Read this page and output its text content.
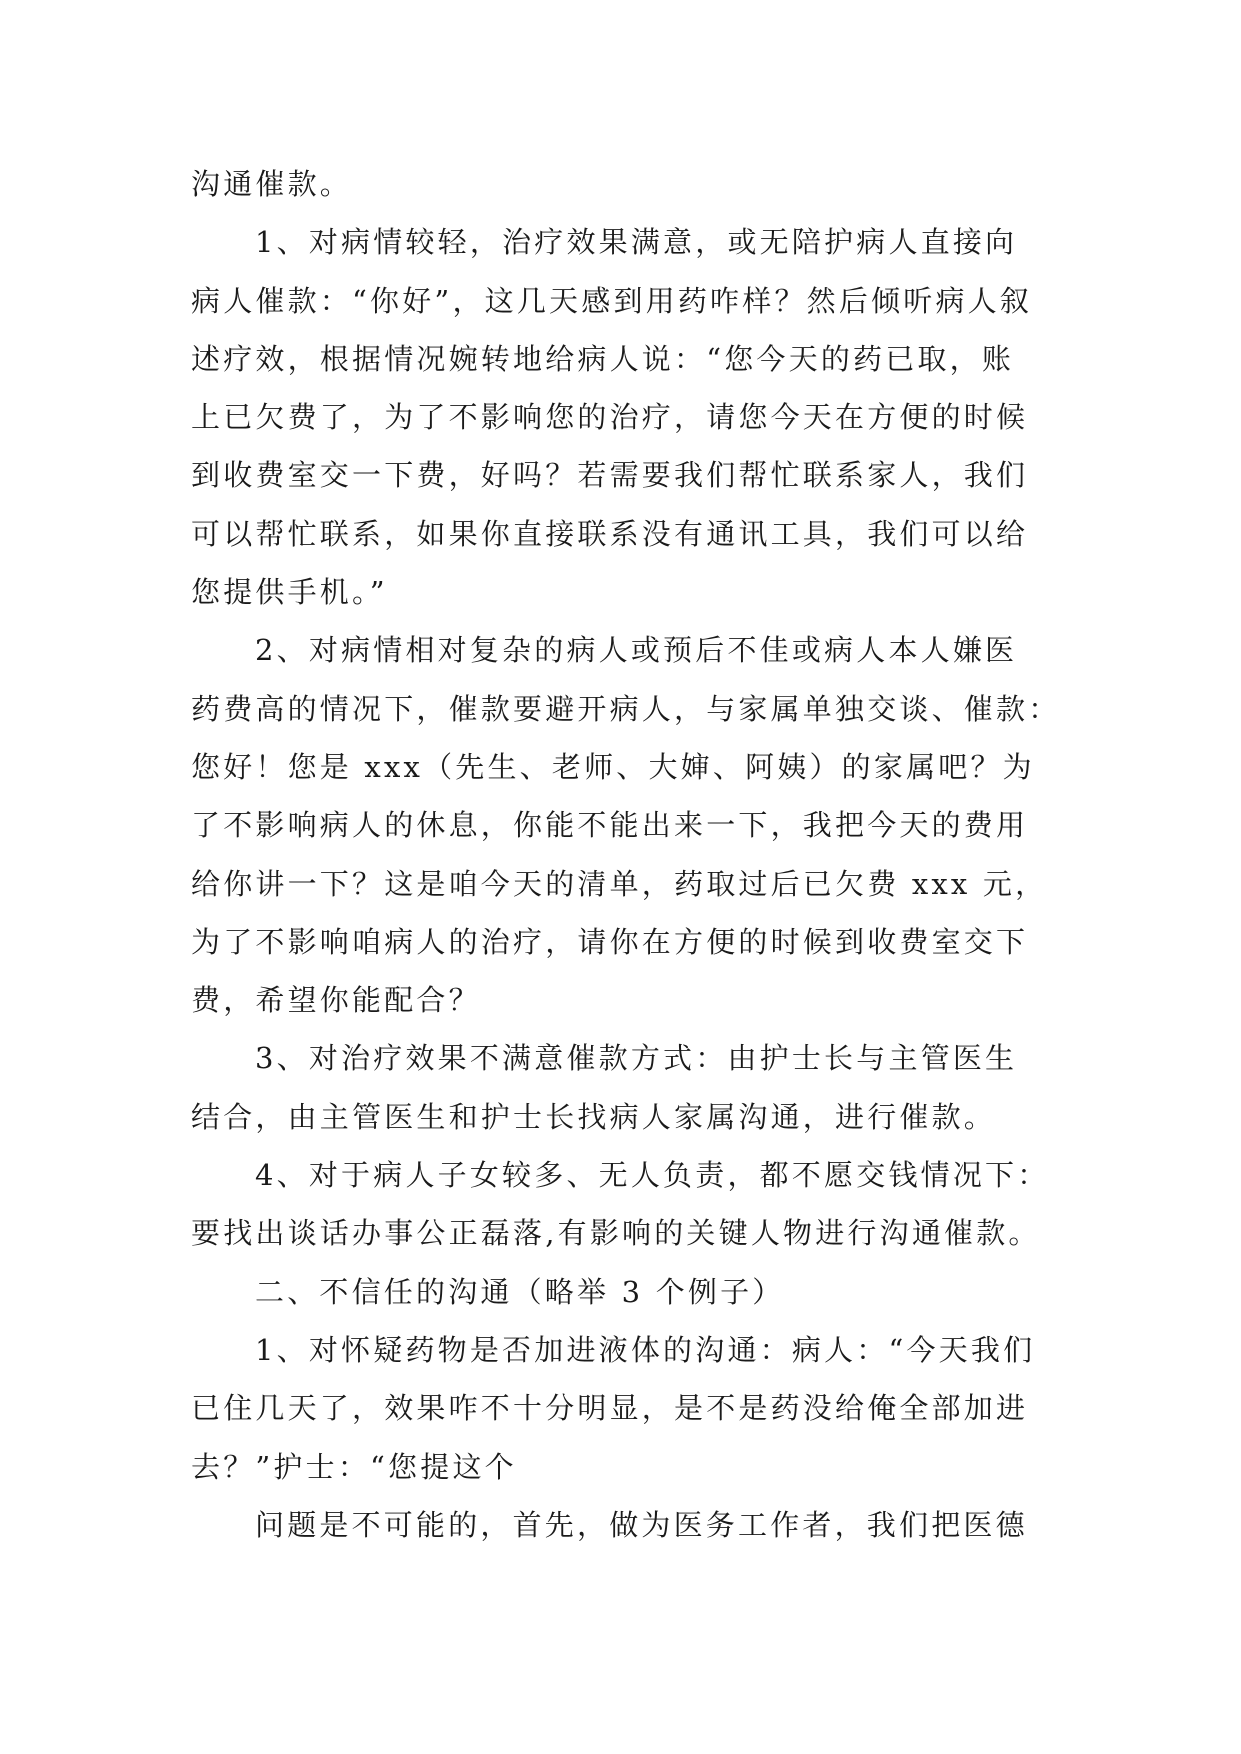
沟通催款。
1、对病情较轻，治疗效果满意，或无陪护病人直接向
病人催款：“你好”，这几天感到用药咋样？然后倾听病人叙
述疗效，根据情况婉转地给病人说：“您今天的药已取，账
上已欠费了，为了不影响您的治疗，请您今天在方便的时候
到收费室交一下费，好吗？若需要我们帮忙联系家人，我们
可以帮忙联系，如果你直接联系没有通讯工具，我们可以给
您提供手机。”
2、对病情相对复杂的病人或预后不佳或病人本人嫌医
药费高的情况下，催款要避开病人，与家属单独交谈、催款：
您好！您是 xxx（先生、老师、大婶、阿姨）的家属吧？为
了不影响病人的休息，你能不能出来一下，我把今天的费用
给你讲一下？这是咱今天的清单，药取过后已欠费 xxx 元，
为了不影响咱病人的治疗，请你在方便的时候到收费室交下
费，希望你能配合？
3、对治疗效果不满意催款方式：由护士长与主管医生
结合，由主管医生和护士长找病人家属沟通，进行催款。
4、对于病人子女较多、无人负责，都不愿交钱情况下：
要找出谈话办事公正磊落,有影响的关键人物进行沟通催款。
二、不信任的沟通（略举 3 个例子）
1、对怀疑药物是否加进液体的沟通：病人：“今天我们
已住几天了，效果咋不十分明显，是不是药没给俺全部加进
去？”护士：“您提这个
问题是不可能的，首先，做为医务工作者，我们把医德
